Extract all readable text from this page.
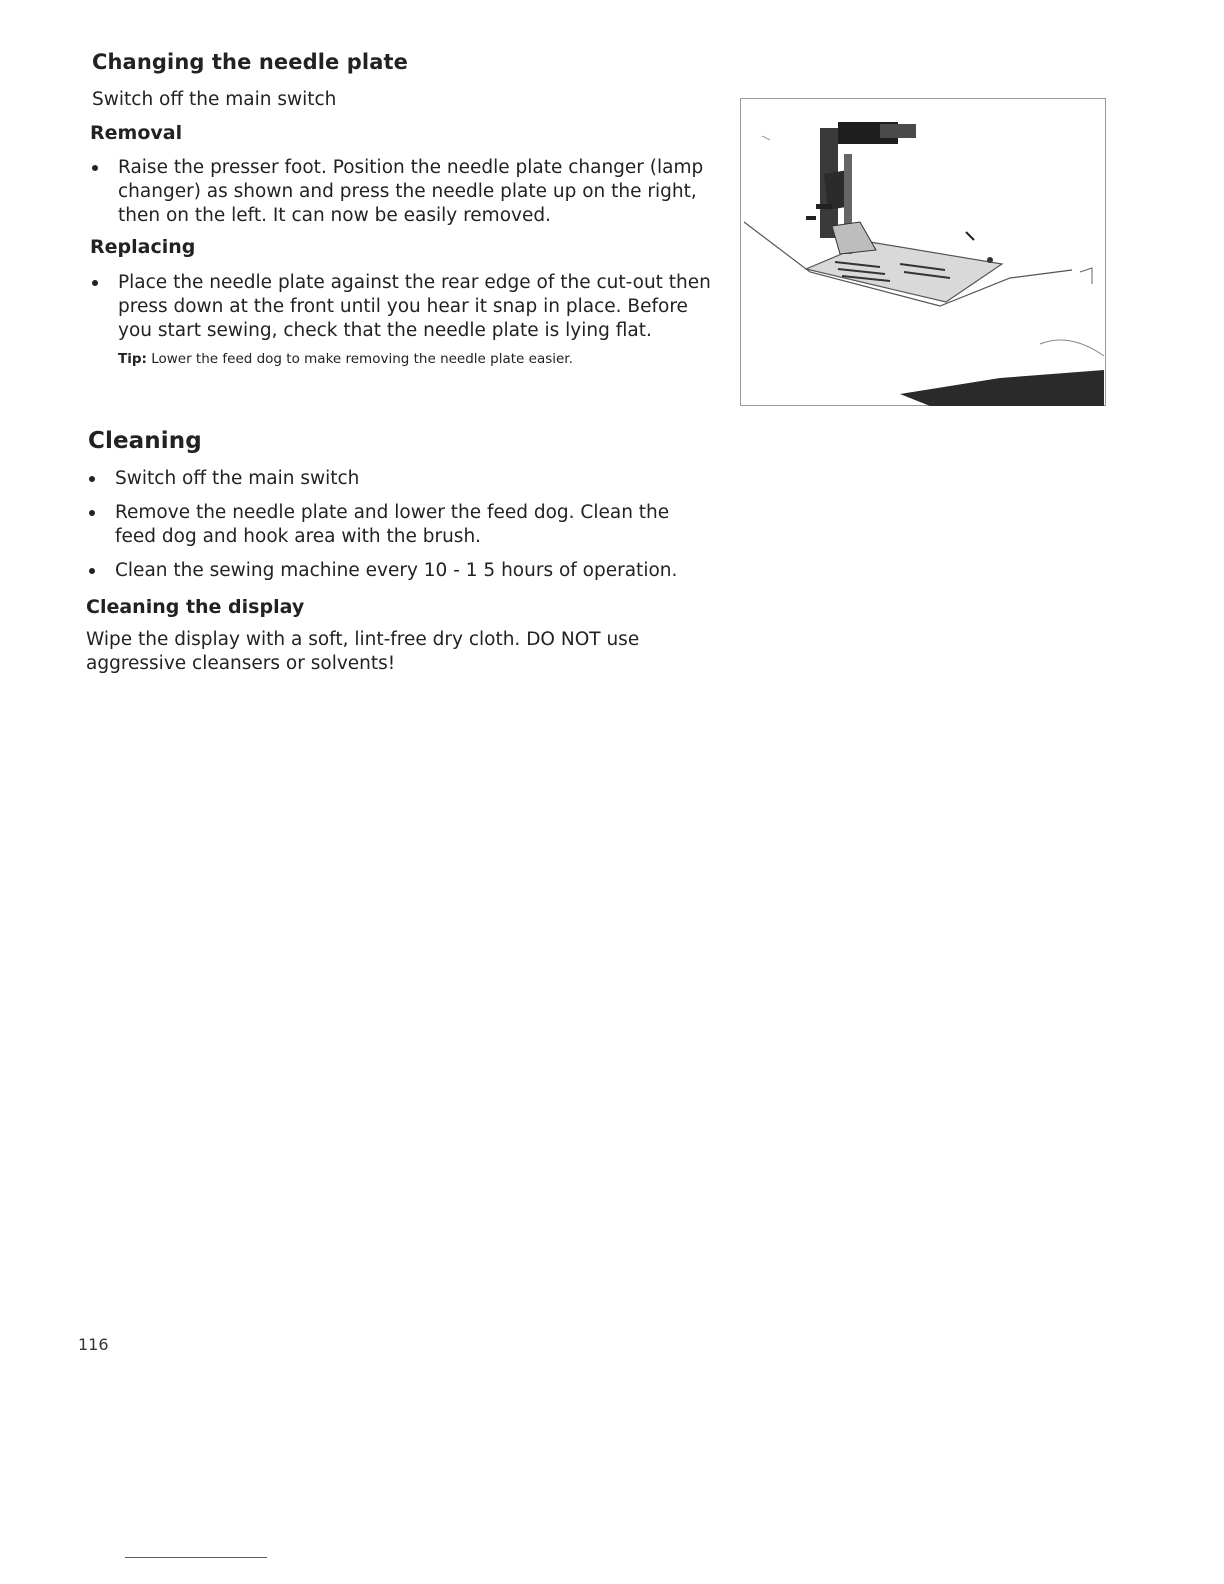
Changing the needle plate

Switch off the main switch

Removal
Raise the presser foot. Position the needle plate changer (lamp changer) as shown and press the needle plate up on the right, then on the left. It can now be easily removed.
Replacing
Place the needle plate against the rear edge of the cut-out then press down at the front until you hear it snap in place. Before you start sewing, check that the needle plate is lying flat.
Tip: Lower the feed dog to make removing the needle plate easier.
Cleaning
Switch off the main switch
Remove the needle plate and lower the feed dog. Clean the feed dog and hook area with the brush.
Clean the sewing machine every 10 - 1 5 hours of operation.
Cleaning the display

Wipe the display with a soft, lint-free dry cloth. DO NOT use aggressive cleansers or solvents!

116
